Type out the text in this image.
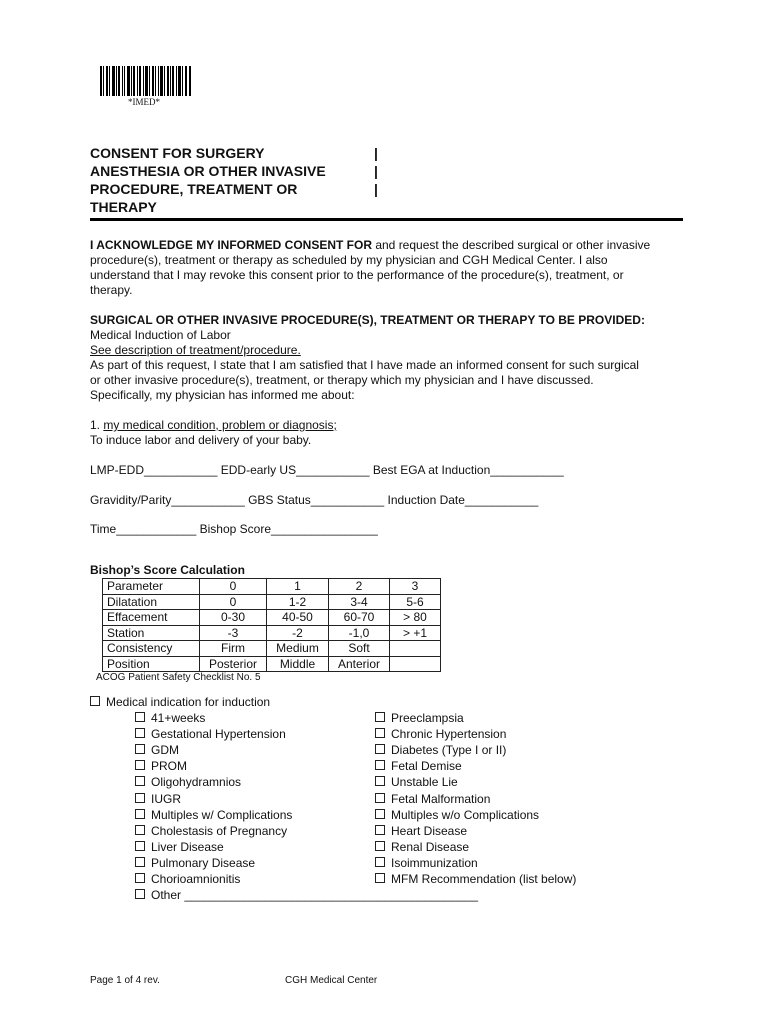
*IMED*
CONSENT FOR SURGERY
ANESTHESIA OR OTHER INVASIVE
PROCEDURE, TREATMENT OR
THERAPY
|
|
|
I ACKNOWLEDGE MY INFORMED CONSENT FOR and request the described surgical or other invasive
procedure(s), treatment or therapy as scheduled by my physician and CGH Medical Center. I also
understand that I may revoke this consent prior to the performance of the procedure(s), treatment, or
therapy.
SURGICAL OR OTHER INVASIVE PROCEDURE(S), TREATMENT OR THERAPY TO BE PROVIDED:
Medical Induction of Labor
See description of treatment/procedure.
As part of this request, I state that I am satisfied that I have made an informed consent for such surgical
or other invasive procedure(s), treatment, or therapy which my physician and I have discussed.
Specifically, my physician has informed me about:
1. my medical condition, problem or diagnosis;
To induce labor and delivery of your baby.
LMP-EDD___________ EDD-early US___________ Best EGA at Induction___________
Gravidity/Parity___________ GBS Status___________ Induction Date___________
Time____________ Bishop Score________________
Bishop’s Score Calculation
Parameter	0	1	2	3
Dilatation	0	1-2	3-4	5-6
Effacement	0-30	40-50	60-70	> 80
Station	-3	-2	-1,0	> +1
Consistency	Firm	Medium	Soft	
Position	Posterior	Middle	Anterior	
ACOG Patient Safety Checklist No. 5
Medical indication for induction
41+weeks
Gestational Hypertension
GDM
PROM
Oligohydramnios
IUGR
Multiples w/ Complications
Cholestasis of Pregnancy
Liver Disease
Pulmonary Disease
Chorioamnionitis
Other ____________________________________________
Preeclampsia
Chronic Hypertension
Diabetes (Type I or II)
Fetal Demise
Unstable Lie
Fetal Malformation
Multiples w/o Complications
Heart Disease
Renal Disease
Isoimmunization
MFM Recommendation (list below)
Page 1 of 4 rev.	CGH Medical Center
